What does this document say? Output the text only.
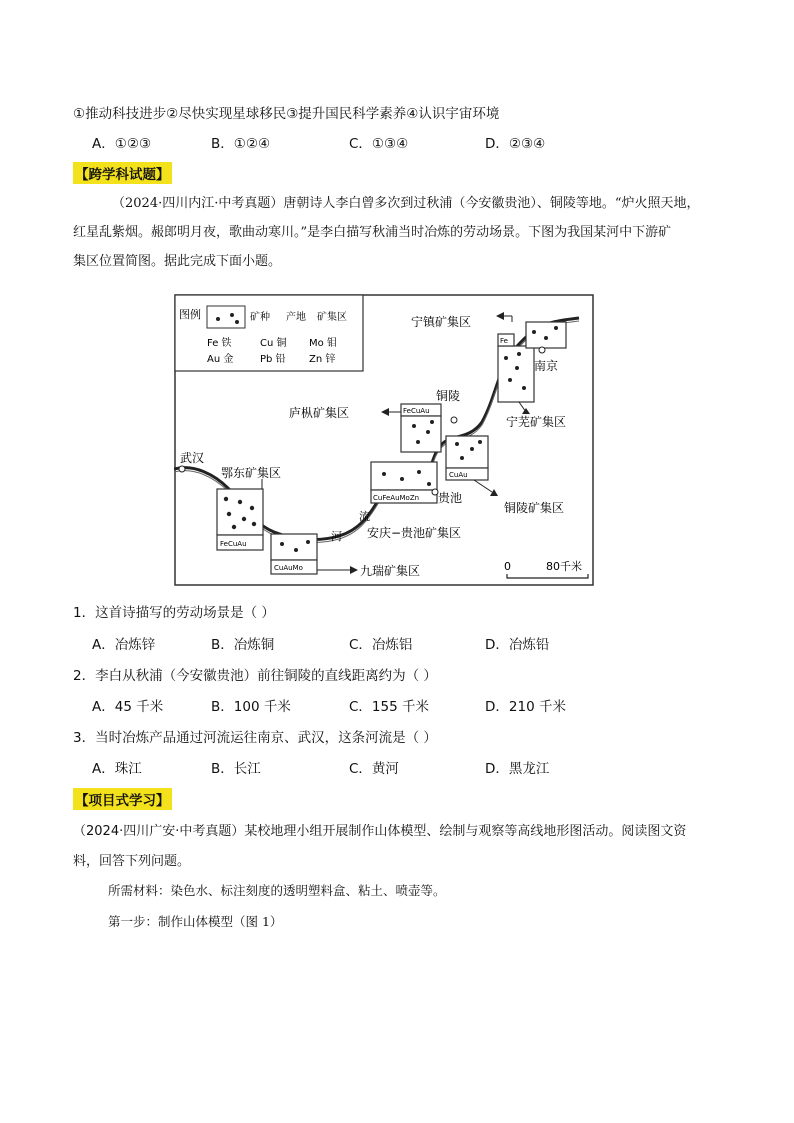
①推动科技进步②尽快实现星球移民③提升国民科学素养④认识宇宙环境
A．①②③	B．①②④	C．①③④	D．②③④
【跨学科试题】
（2024·四川内江·中考真题）唐朝诗人李白曾多次到过秋浦（今安徽贵池）、铜陵等地。“炉火照天地，
红星乱紫烟。赧郎明月夜，歌曲动寒川。”是李白描写秋浦当时冶炼的劳动场景。下图为我国某河中下游矿
集区位置简图。据此完成下面小题。
图例	矿种 产地 矿集区
Fe 铁	Cu 铜 Mo 钼
Au 金	Pb 铅 Zn 锌
FeCuAu
鄂东矿集区
武汉
CuAuMo	九瑞矿集区
河
流
CuFeAuMoZn
安庆−贵池矿集区
贵池
FeCuAu
庐枞矿集区
铜陵
CuAu
铜陵矿集区
宁芜矿集区
Fe
宁镇矿集区
南京
0	80千米
1．这首诗描写的劳动场景是（ ）
A．冶炼锌	B．冶炼铜	C．冶炼铝	D．冶炼铅
2．李白从秋浦（今安徽贵池）前往铜陵的直线距离约为（ ）
A．45 千米	B．100 千米	C．155 千米	D．210 千米
3．当时冶炼产品通过河流运往南京、武汉，这条河流是（ ）
A．珠江	B．长江	C．黄河	D．黑龙江
【项目式学习】
（2024·四川广安·中考真题）某校地理小组开展制作山体模型、绘制与观察等高线地形图活动。阅读图文资
料，回答下列问题。
所需材料：染色水、标注刻度的透明塑料盒、粘土、喷壶等。
第一步：制作山体模型（图 1）
